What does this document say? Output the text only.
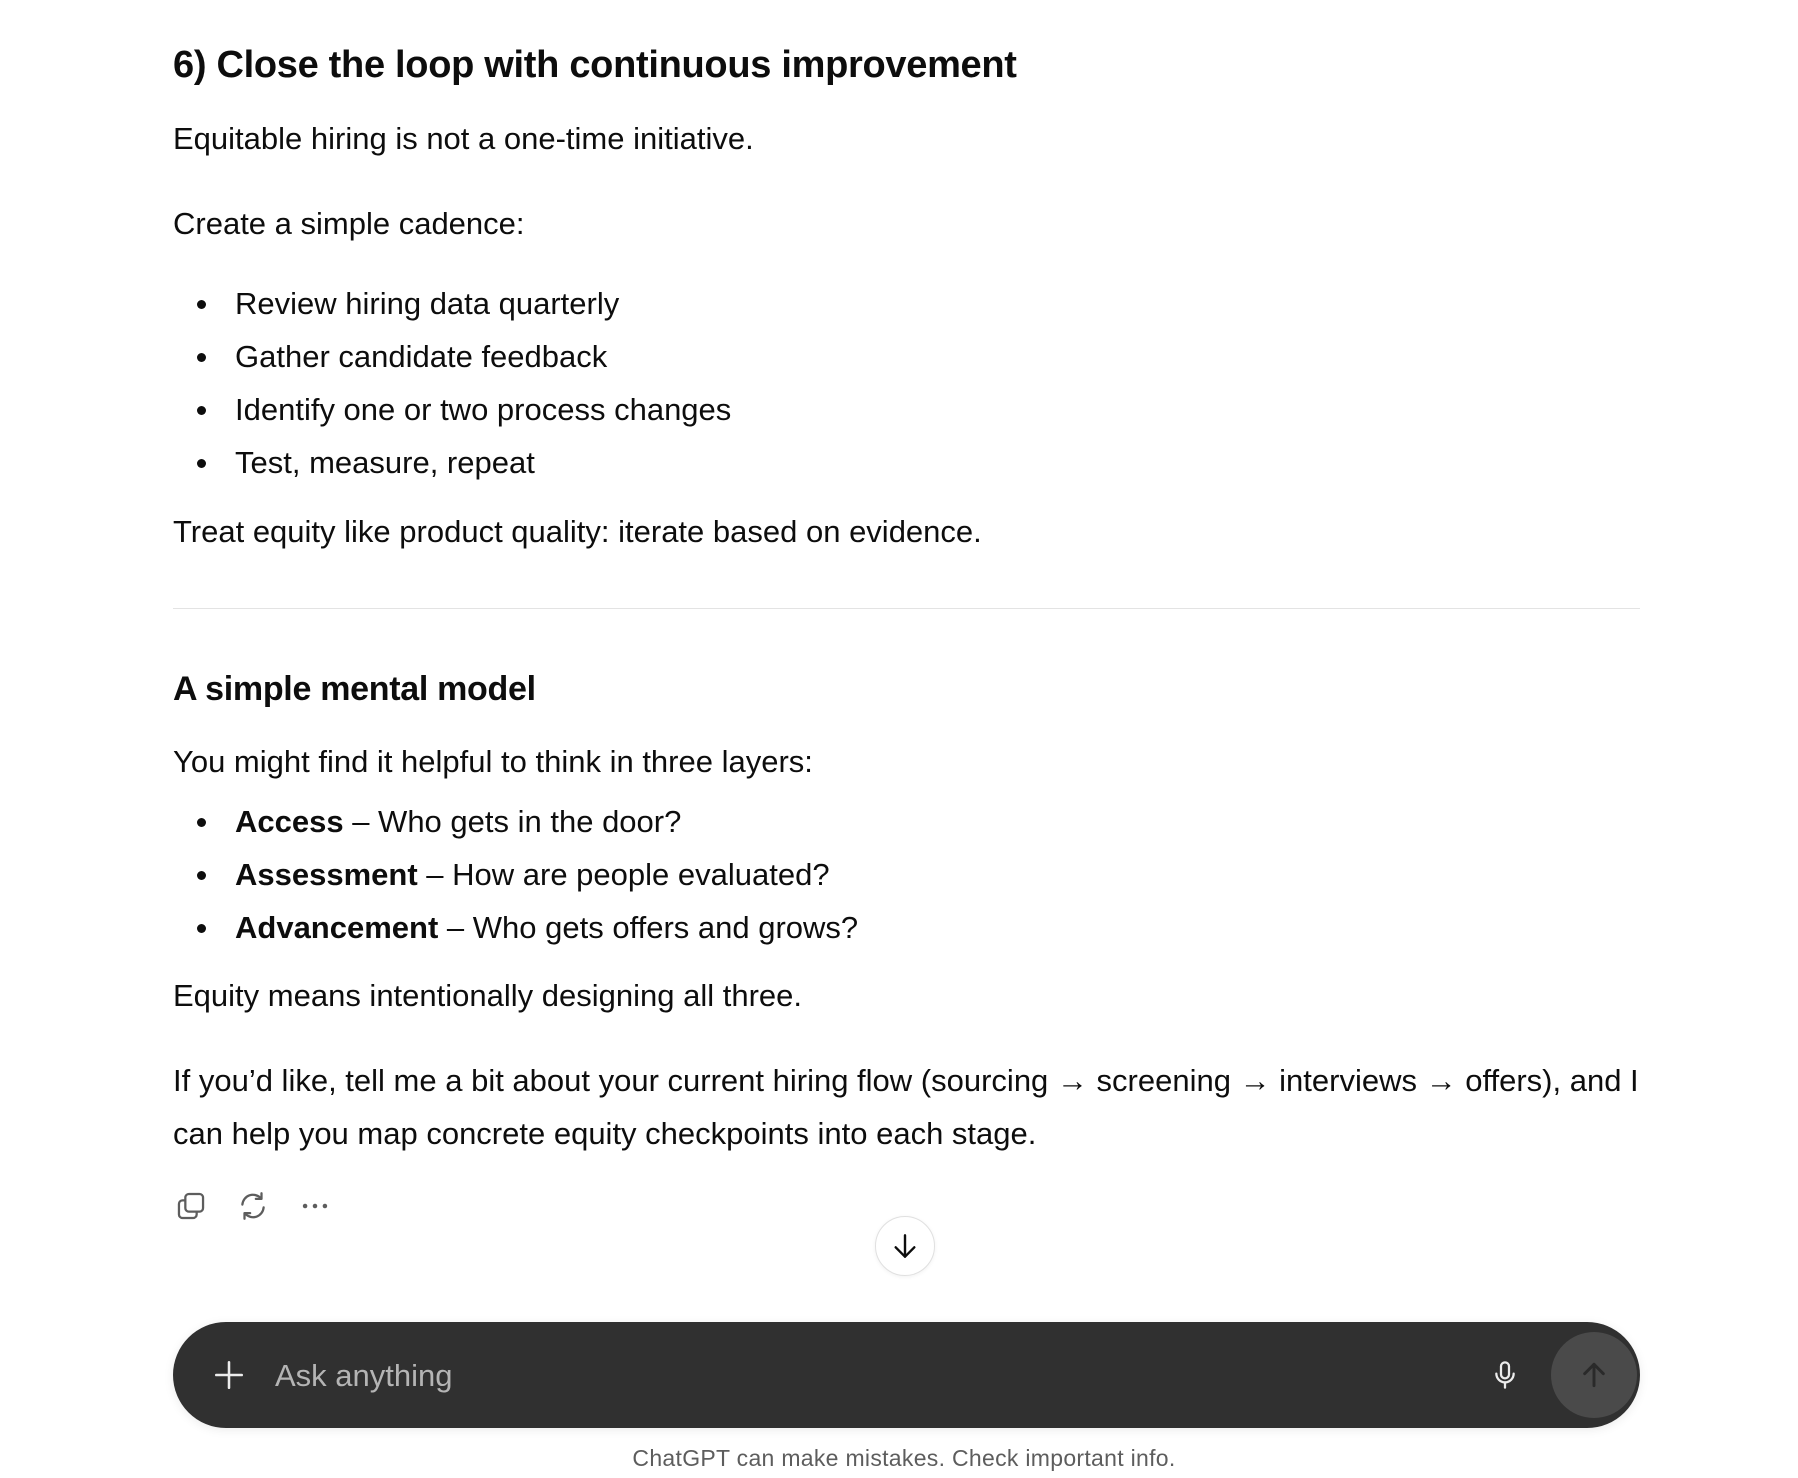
6) Close the loop with continuous improvement
Equitable hiring is not a one-time initiative.
Create a simple cadence:
Review hiring data quarterly
Gather candidate feedback
Identify one or two process changes
Test, measure, repeat
Treat equity like product quality: iterate based on evidence.
A simple mental model
You might find it helpful to think in three layers:
Access – Who gets in the door?
Assessment – How are people evaluated?
Advancement – Who gets offers and grows?
Equity means intentionally designing all three.
If you’d like, tell me a bit about your current hiring flow (sourcing → screening → interviews → offers), and I can help you map concrete equity checkpoints into each stage.
Ask anything
ChatGPT can make mistakes. Check important info.
